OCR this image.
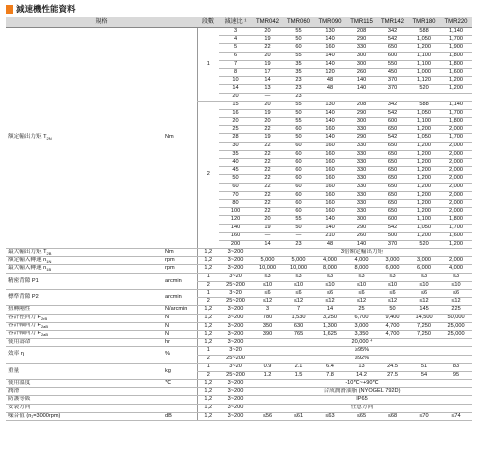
減速機性能資料
規格		段數	減速比 ¹	TMR042	TMR060	TMR090	TMR115	TMR142	TMR180	TMR220
額定輸出力矩 $T_{2N}$	Nm	1	3	20	55	130	208	342	588	1,140
			4	19	50	140	290	542	1,050	1,700
			5	22	60	160	330	650	1,200	1,900
			6	20	55	140	300	600	1,100	1,800
			7	19	35	140	300	550	1,100	1,800
			8	17	35	120	260	450	1,000	1,600
			10	14	23	48	140	370	1,120	1,200
			14	13	23	48	140	370	520	1,200
			20	—	23					
		2	15	20	55	130	208	342	588	1,140
			16	19	50	140	290	542	1,050	1,700
			20	20	55	140	300	600	1,100	1,800
			25	22	60	160	330	650	1,200	2,000
			28	19	50	140	290	542	1,050	1,700
			30	22	60	160	330	650	1,200	2,000
			35	22	60	160	330	650	1,200	2,000
			40	22	60	160	330	650	1,200	2,000
			45	22	60	160	330	650	1,200	2,000
			50	22	60	160	330	650	1,200	2,000
			60	22	60	160	330	650	1,200	2,000
			70	22	60	160	330	650	1,200	2,000
			80	22	60	160	330	650	1,200	2,000
			100	22	60	160	330	650	1,200	2,000
			120	20	55	140	300	600	1,100	1,800
			140	19	50	140	290	542	1,050	1,700
			160	—	—	210	260	500	1,200	1,600
			200	14	23	48	140	370	520	1,200
最大輸出力矩 $T_{2B}$	Nm	1,2	3~200	3倍額定輸出力矩						
額定輸入轉速 $n_{1N}$	rpm	1,2	3~200	5,000	5,000	4,000	4,000	3,000	3,000	2,000
最大輸入轉速 $n_{1B}$	rpm	1,2	3~200	10,000	10,000	8,000	8,000	6,000	6,000	4,000
精密背隙 P1	arcmin	1	3~20	≤3	≤3	≤3	≤3	≤3	≤3	≤3
		2	25~200	≤10	≤10	≤10	≤10	≤10	≤10	≤10
標準背隙 P2	arcmin	1	3~20	≤6	≤6	≤6	≤6	≤6	≤6	≤6
		2	25~200	≤12	≤12	≤12	≤12	≤12	≤12	≤12
扭轉剛性	N/arcmin	1,2	3~200	3	7	14	25	50	145	225
容許徑向力 $F_{2rB}$	N	1,2	3~200	780	1,530	3,250	6,700	9,400	14,500	50,000
容許軸向力 $F_{2aB}$	N	1,2	3~200	350	630	1,300	3,000	4,700	7,250	25,000
容許軸向力 $F_{2aB}$	N	1,2	3~200	390	765	1,625	3,350	4,700	7,250	25,000
使用壽命	hr	1,2	3~200	20,000 ⁴						
效率 η	%	1	3~20	≥95%						
		2	25~200	≥92%						
重量	kg	1	3~20	0.9	2.1	6.4	13	24.5	51	83
		2	25~200	1.2	1.5	7.8	14.2	27.5	54	95
使用溫度	℃	1,2	3~200	-10℃~+90℃						
潤滑		1,2	3~200	合成潤滑油脂 (NYOGEL 792D)						
防護等級		1,2	3~200	IP65						
安裝方向		1,2	3~200	任意方向						
噪音值 (n₁=3000rpm)	dB	1,2	3~200	≤56	≤61	≤63	≤65	≤68	≤70	≤74
